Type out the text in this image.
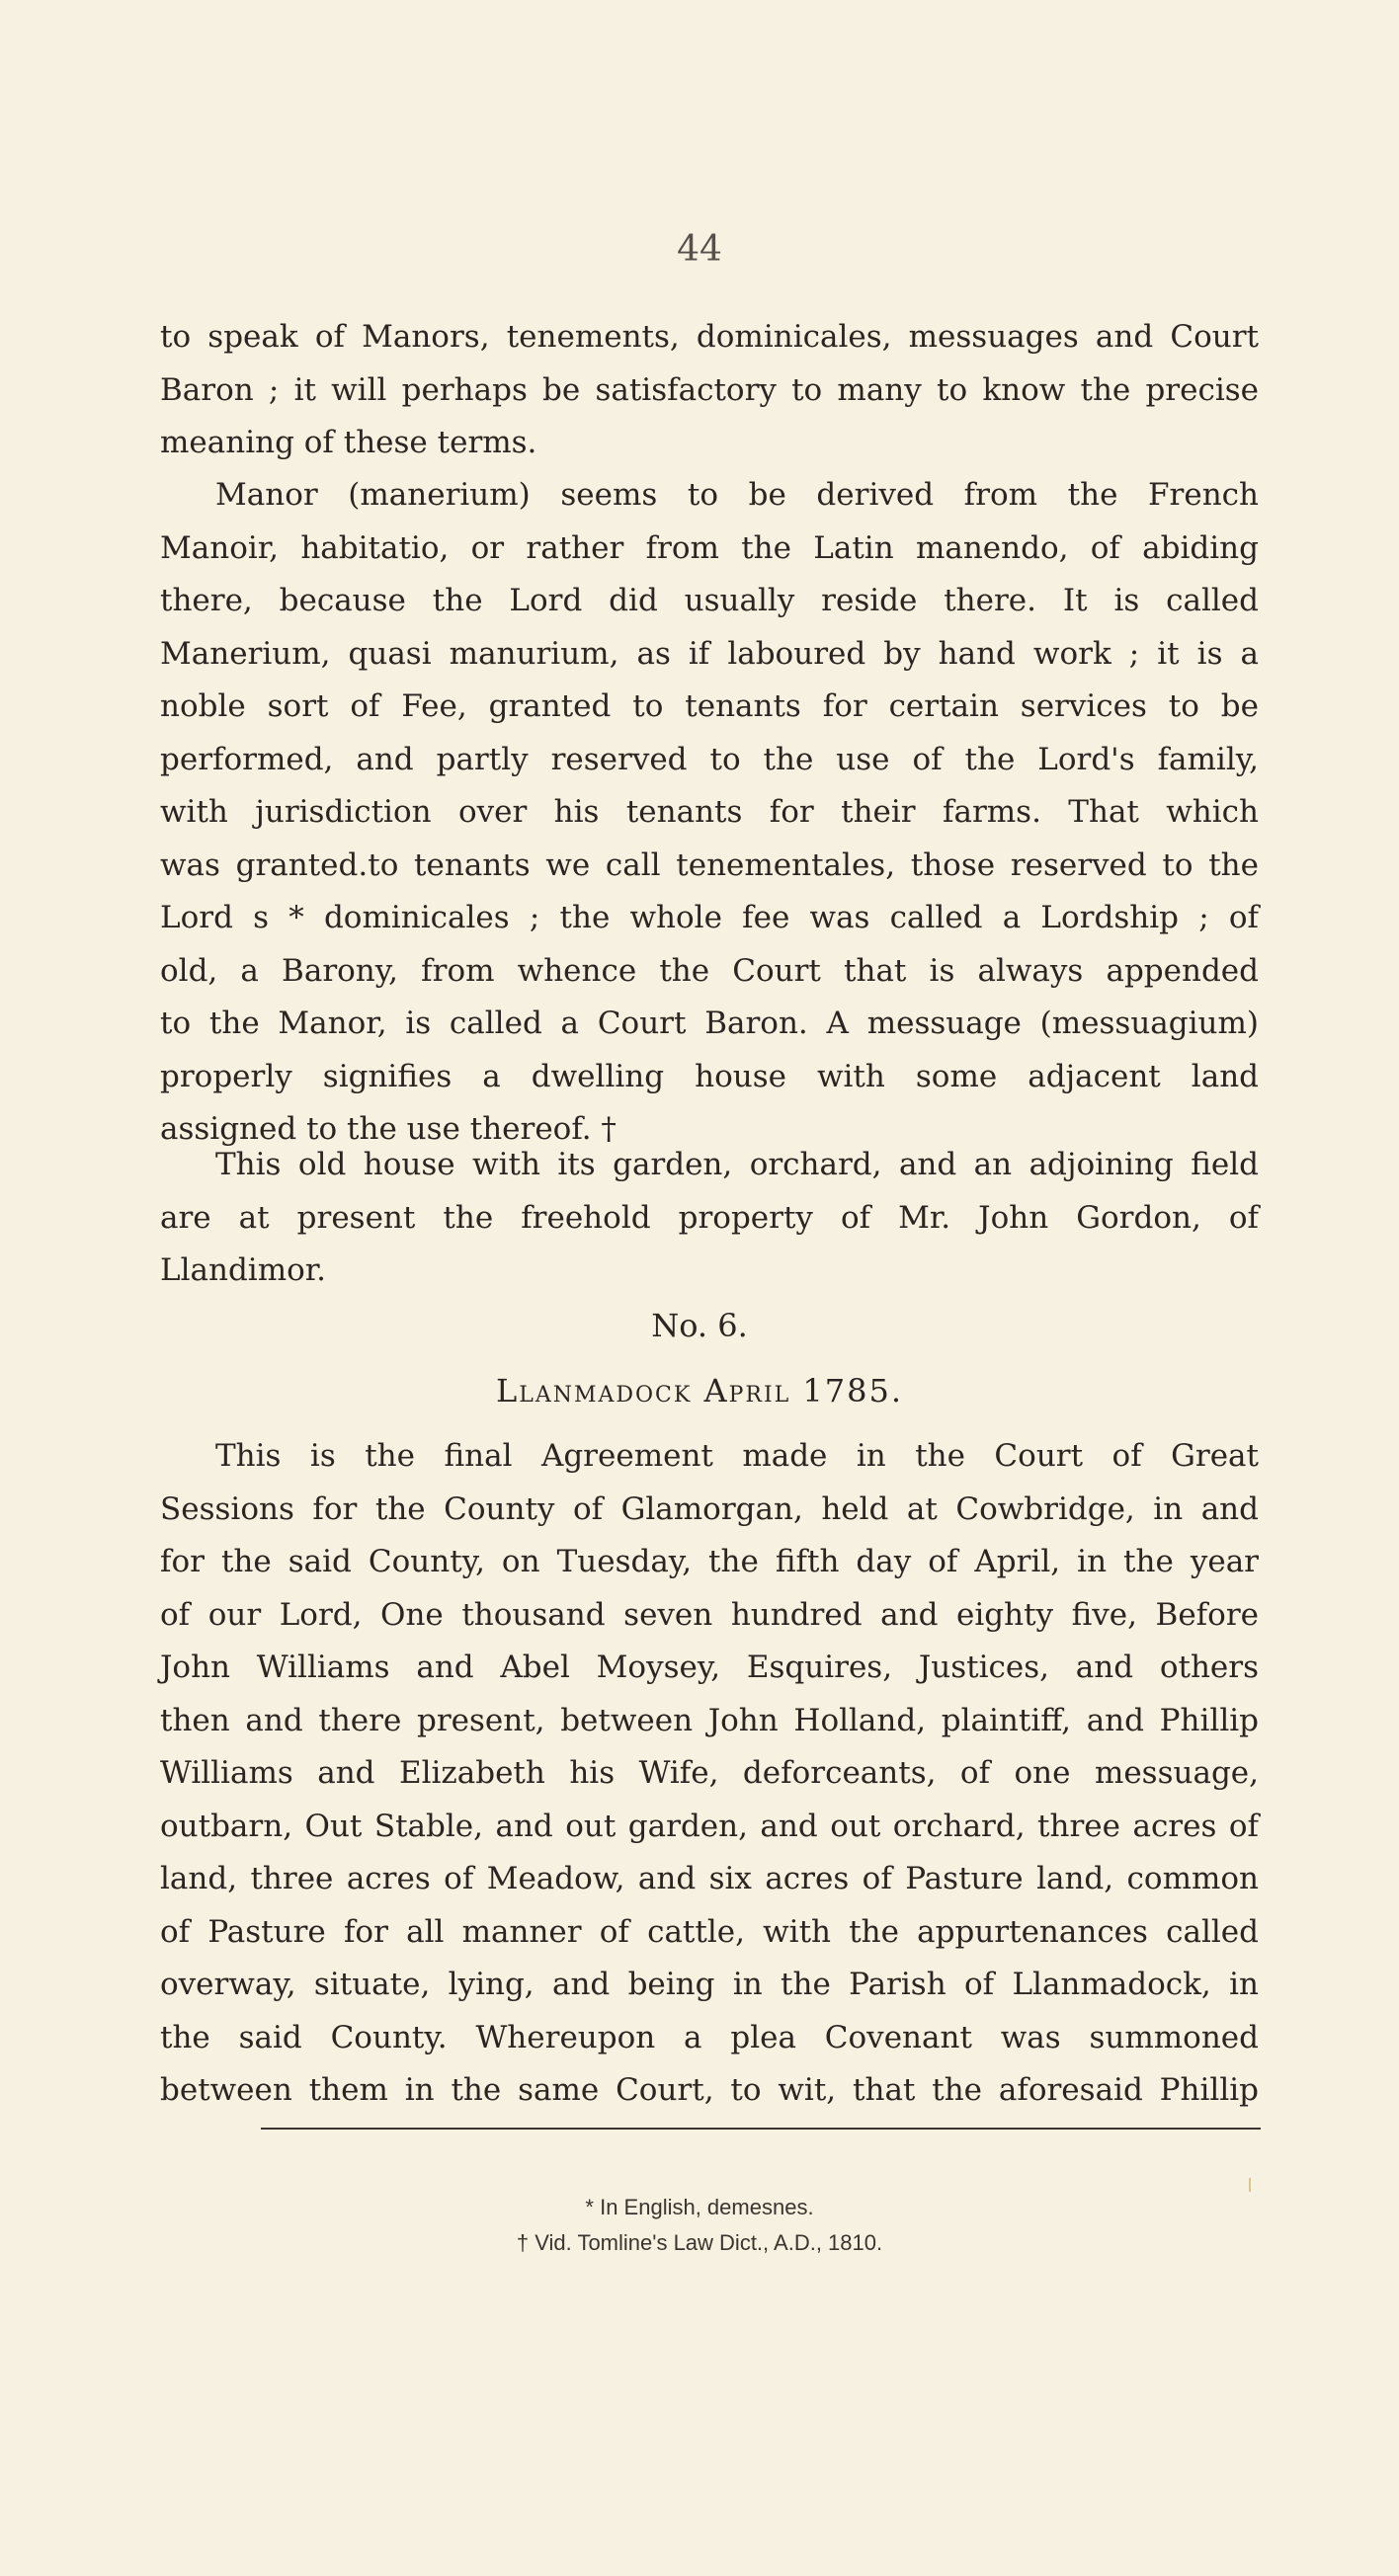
44
to speak of Manors, tenements, dominicales, messuages and Court
Baron ; it will perhaps be satisfactory to many to know the precise
meaning of these terms.
Manor (manerium) seems to be derived from the French
Manoir, habitatio, or rather from the Latin manendo, of abiding
there, because the Lord did usually reside there. It is called
Manerium, quasi manurium, as if laboured by hand work ; it is a
noble sort of Fee, granted to tenants for certain services to be
performed, and partly reserved to the use of the Lord's family,
with jurisdiction over his tenants for their farms. That which
was granted.to tenants we call tenementales, those reserved to the
Lord s * dominicales ; the whole fee was called a Lordship ; of
old, a Barony, from whence the Court that is always appended
to the Manor, is called a Court Baron. A messuage (messuagium)
properly signifies a dwelling house with some adjacent land
assigned to the use thereof. †
This old house with its garden, orchard, and an adjoining field
are at present the freehold property of Mr. John Gordon, of
Llandimor.
No. 6.
Llanmadock April 1785.
This is the final Agreement made in the Court of Great
Sessions for the County of Glamorgan, held at Cowbridge, in and
for the said County, on Tuesday, the fifth day of April, in the year
of our Lord, One thousand seven hundred and eighty five, Before
John Williams and Abel Moysey, Esquires, Justices, and others
then and there present, between John Holland, plaintiff, and Phillip
Williams and Elizabeth his Wife, deforceants, of one messuage,
outbarn, Out Stable, and out garden, and out orchard, three acres of
land, three acres of Meadow, and six acres of Pasture land, common
of Pasture for all manner of cattle, with the appurtenances called
overway, situate, lying, and being in the Parish of Llanmadock, in
the said County. Whereupon a plea Covenant was summoned
between them in the same Court, to wit, that the aforesaid Phillip
* In English, demesnes.
† Vid. Tomline's Law Dict., A.D., 1810.
